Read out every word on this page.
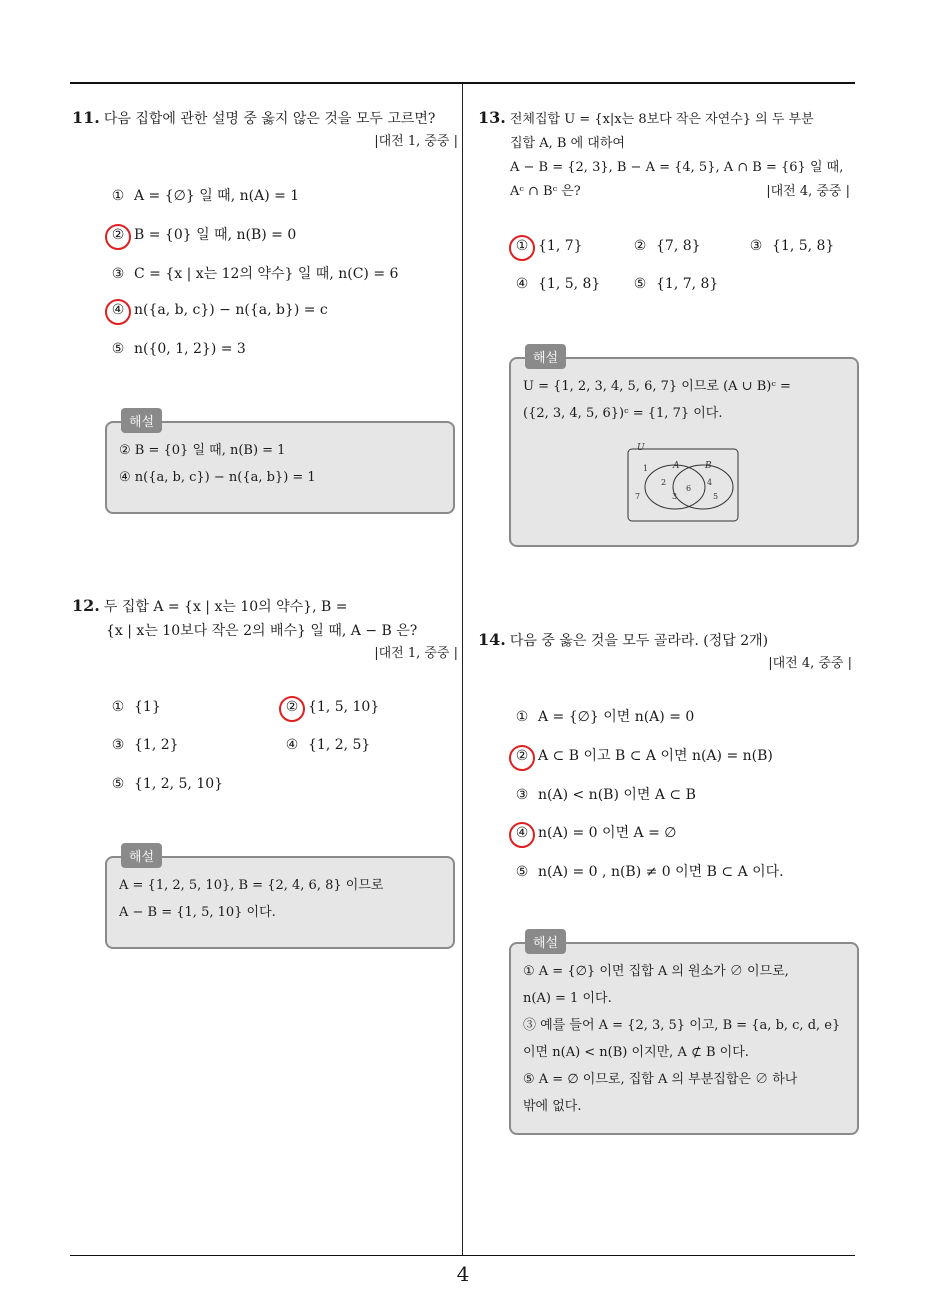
4
11. 다음 집합에 관한 설명 중 옳지 않은 것을 모두 고르면?
|대전 1, 중중 |
① A = {∅} 일 때, n(A) = 1
② B = {0} 일 때, n(B) = 0
③ C = {x | x는 12의 약수} 일 때, n(C) = 6
④ n({a, b, c}) − n({a, b}) = c
⑤ n({0, 1, 2}) = 3
해설
② B = {0} 일 때, n(B) = 1
④ n({a, b, c}) − n({a, b}) = 1
12. 두 집합 A = {x | x는 10의 약수}, B =
{x | x는 10보다 작은 2의 배수} 일 때, A − B 은?
|대전 1, 중중 |
① {1}	② {1, 5, 10}
③ {1, 2}	④ {1, 2, 5}
⑤ {1, 2, 5, 10}
해설
A = {1, 2, 5, 10}, B = {2, 4, 6, 8} 이므로
A − B = {1, 5, 10} 이다.
13. 전체집합 U = {x|x는 8보다 작은 자연수} 의 두 부분
집합 A, B 에 대하여
A − B = {2, 3}, B − A = {4, 5}, A ∩ B = {6} 일 때,
Aᶜ ∩ Bᶜ 은?	|대전 4, 중중 |
① {1, 7}	② {7, 8}	③ {1, 5, 8}
④ {1, 5, 8} ⑤ {1, 7, 8}
해설
U = {1, 2, 3, 4, 5, 6, 7} 이므로 (A ∪ B)ᶜ =
({2, 3, 4, 5, 6})ᶜ = {1, 7} 이다.
U
A	B
1
7
2
3
6
4
5
14. 다음 중 옳은 것을 모두 골라라. (정답 2개)
|대전 4, 중중 |
① A = {∅} 이면 n(A) = 0
② A ⊂ B 이고 B ⊂ A 이면 n(A) = n(B)
③ n(A) < n(B) 이면 A ⊂ B
④ n(A) = 0 이면 A = ∅
⑤ n(A) = 0 , n(B) ≠ 0 이면 B ⊂ A 이다.
해설
① A = {∅} 이면 집합 A 의 원소가 ∅ 이므로,
n(A) = 1 이다.
③ 예를 들어 A = {2, 3, 5} 이고, B = {a, b, c, d, e}
이면 n(A) < n(B) 이지만, A ⊄ B 이다.
⑤ A = ∅ 이므로, 집합 A 의 부분집합은 ∅ 하나
밖에 없다.
